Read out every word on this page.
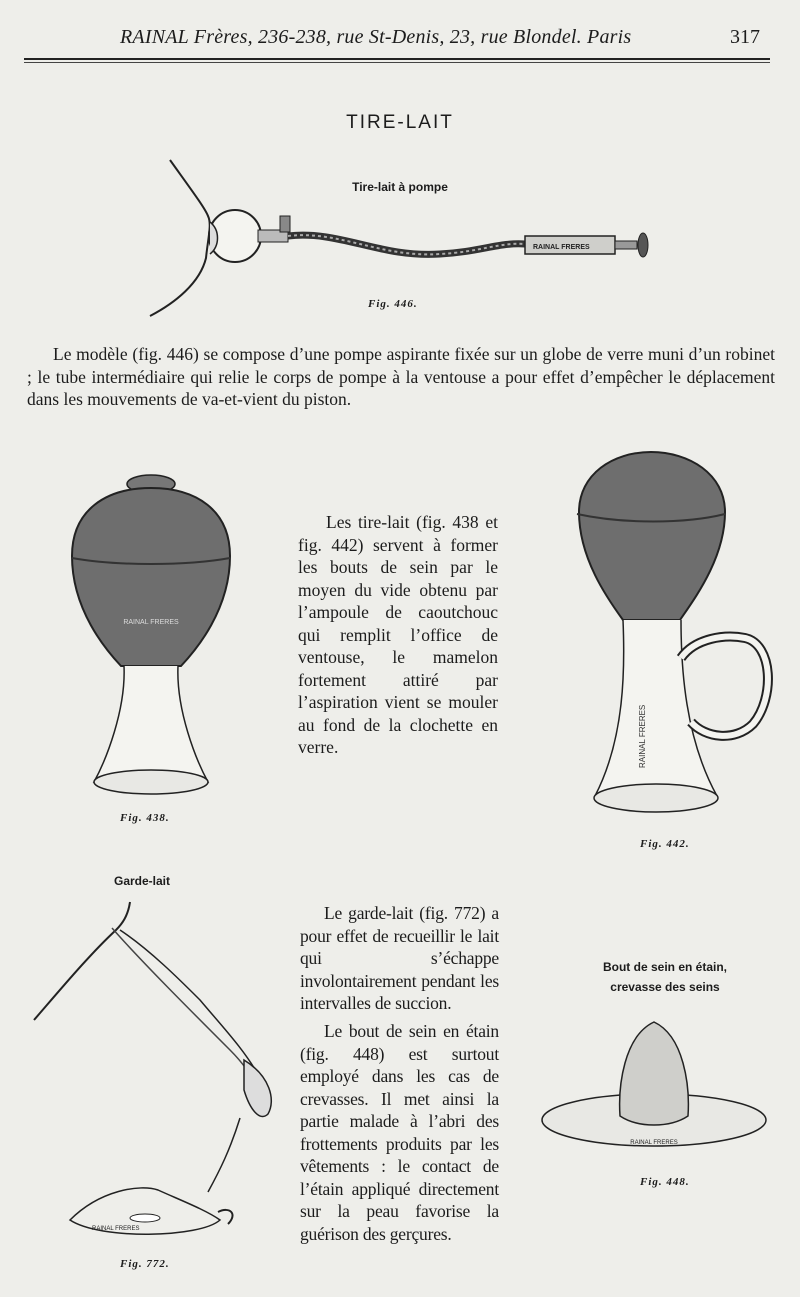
RAINAL Frères, 236-238, rue St-Denis, 23, rue Blondel. Paris	317
TIRE-LAIT
Tire-lait à pompe
RAINAL FRERES
Fig. 446.
Le modèle (fig. 446) se compose d’une pompe aspirante fixée sur un globe de verre muni d’un robinet ; le tube intermédiaire qui relie le corps de pompe à la ventouse a pour effet d’empêcher le déplacement dans les mouvements de va-et-vient du piston.
RAINAL FRERES
Fig. 438.
Les tire-lait (fig. 438 et fig. 442) servent à former les bouts de sein par le moyen du vide obtenu par l’ampoule de caoutchouc qui remplit l’office de ventouse, le mamelon fortement attiré par l’aspiration vient se mouler au fond de la clochette en verre.	RAINAL FRERES
Fig. 442.
Garde-lait
RAINAL FRERES
Fig. 772.
Le garde-lait (fig. 772) a pour effet de recueillir le lait qui s’échappe involontairement pendant les intervalles de succion.
Le bout de sein en étain (fig. 448) est surtout employé dans les cas de crevasses. Il met ainsi la partie malade à l’abri des frottements produits par les vêtements : le contact de l’étain appliqué directement sur la peau favorise la guérison des gerçures.
Bout de sein en étain,
crevasse des seins
RAINAL FRERES
Fig. 448.
